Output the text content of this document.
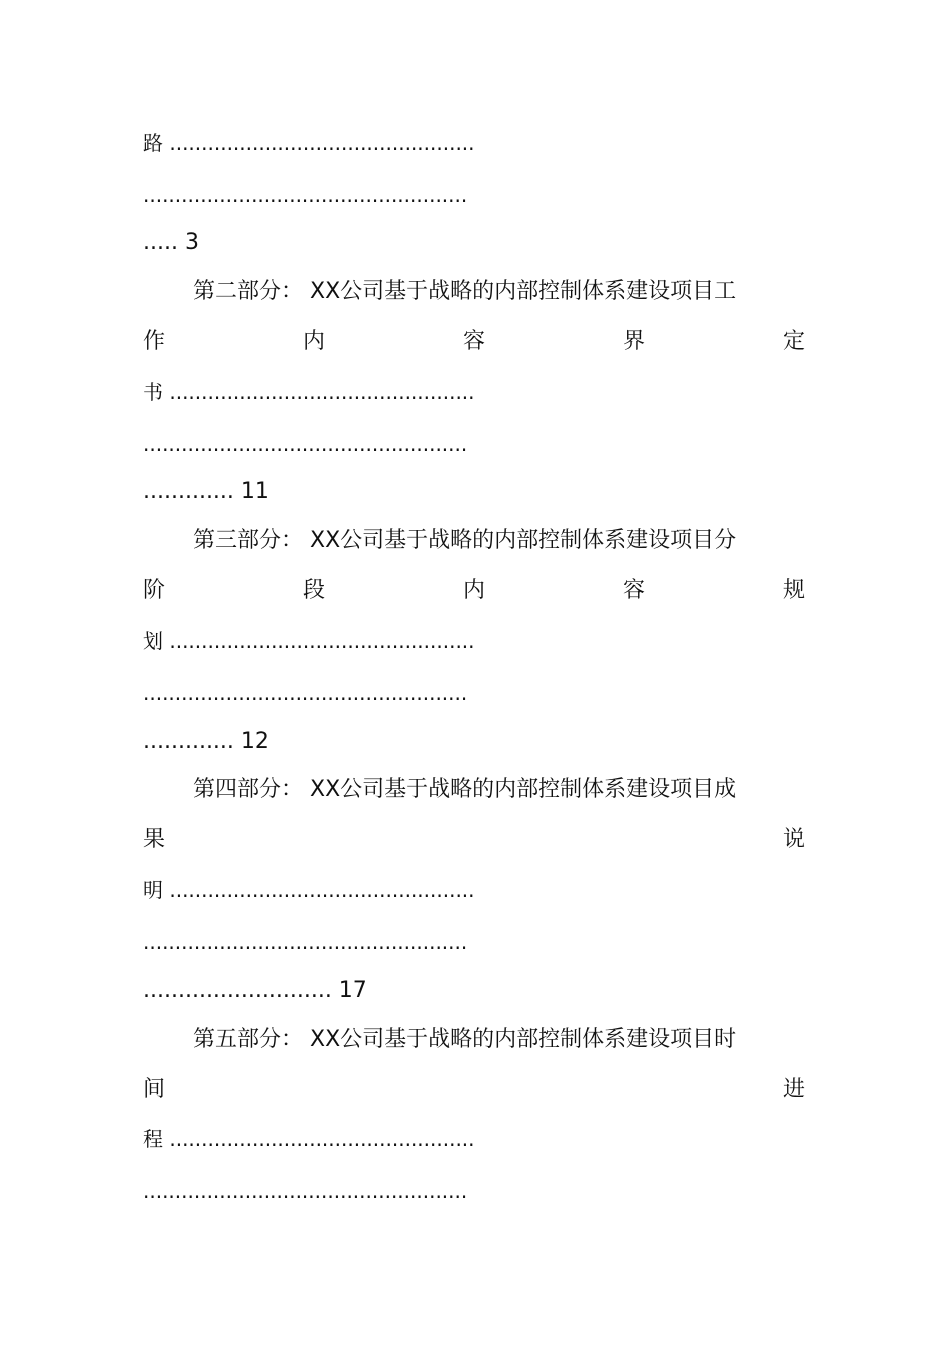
路 ................................................
...................................................
..... 3
第二部分： XX公司基于战略的内部控制体系建设项目工
作	内	容	界	定
书 ................................................
...................................................
............. 11
第三部分： XX公司基于战略的内部控制体系建设项目分
阶	段	内	容	规
划 ................................................
...................................................
............. 12
第四部分： XX公司基于战略的内部控制体系建设项目成
果	说
明 ................................................
...................................................
........................... 17
第五部分： XX公司基于战略的内部控制体系建设项目时
间	进
程 ................................................
...................................................
